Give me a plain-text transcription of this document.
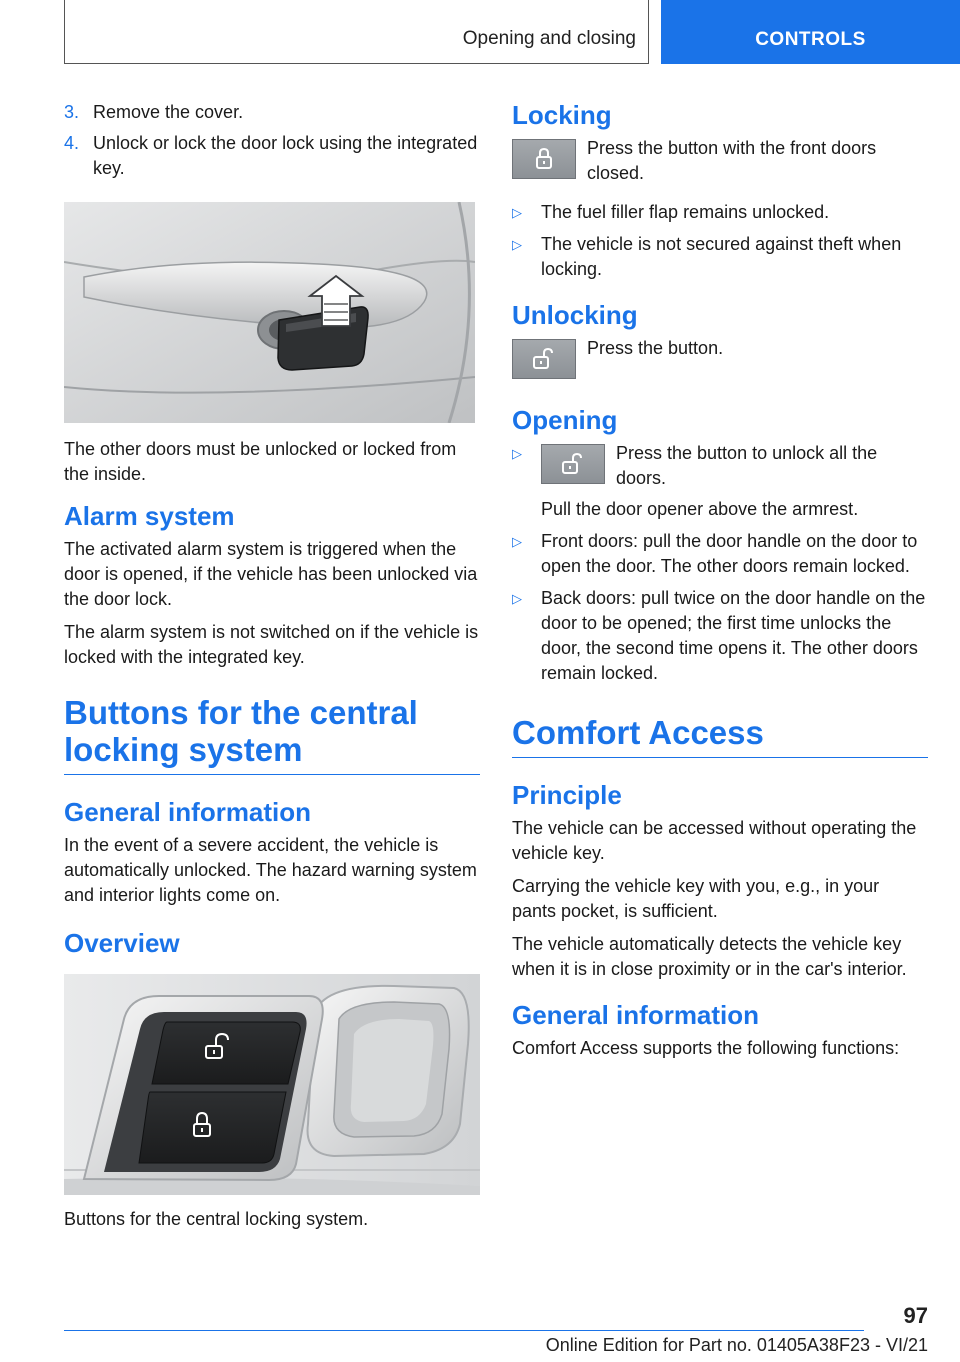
Opening and closing	CONTROLS
3. Remove the cover.
4. Unlock or lock the door lock using the integrated key.

The other doors must be unlocked or locked from the inside.

Alarm system

The activated alarm system is triggered when the door is opened, if the vehicle has been unlocked via the door lock.

The alarm system is not switched on if the vehicle is locked with the integrated key.

Buttons for the central locking system
General information

In the event of a severe accident, the vehicle is automatically unlocked. The hazard warning system and interior lights come on.

Overview

Buttons for the central locking system.

Locking

Press the button with the front doors closed.

▷ The fuel filler flap remains unlocked.
▷ The vehicle is not secured against theft when locking.
Unlocking

Press the button.

Opening
▷	Press the button to unlock all the doors.

Pull the door opener above the armrest.

▷ Front doors: pull the door handle on the door to open the door. The other doors remain locked.
▷ Back doors: pull twice on the door handle on the door to be opened; the first time unlocks the door, the second time opens it. The other doors remain locked.
Comfort Access
Principle

The vehicle can be accessed without operating the vehicle key.

Carrying the vehicle key with you, e.g., in your pants pocket, is sufficient.

The vehicle automatically detects the vehicle key when it is in close proximity or in the car's interior.

General information

Comfort Access supports the following functions:

97
Online Edition for Part no. 01405A38F23 - VI/21
